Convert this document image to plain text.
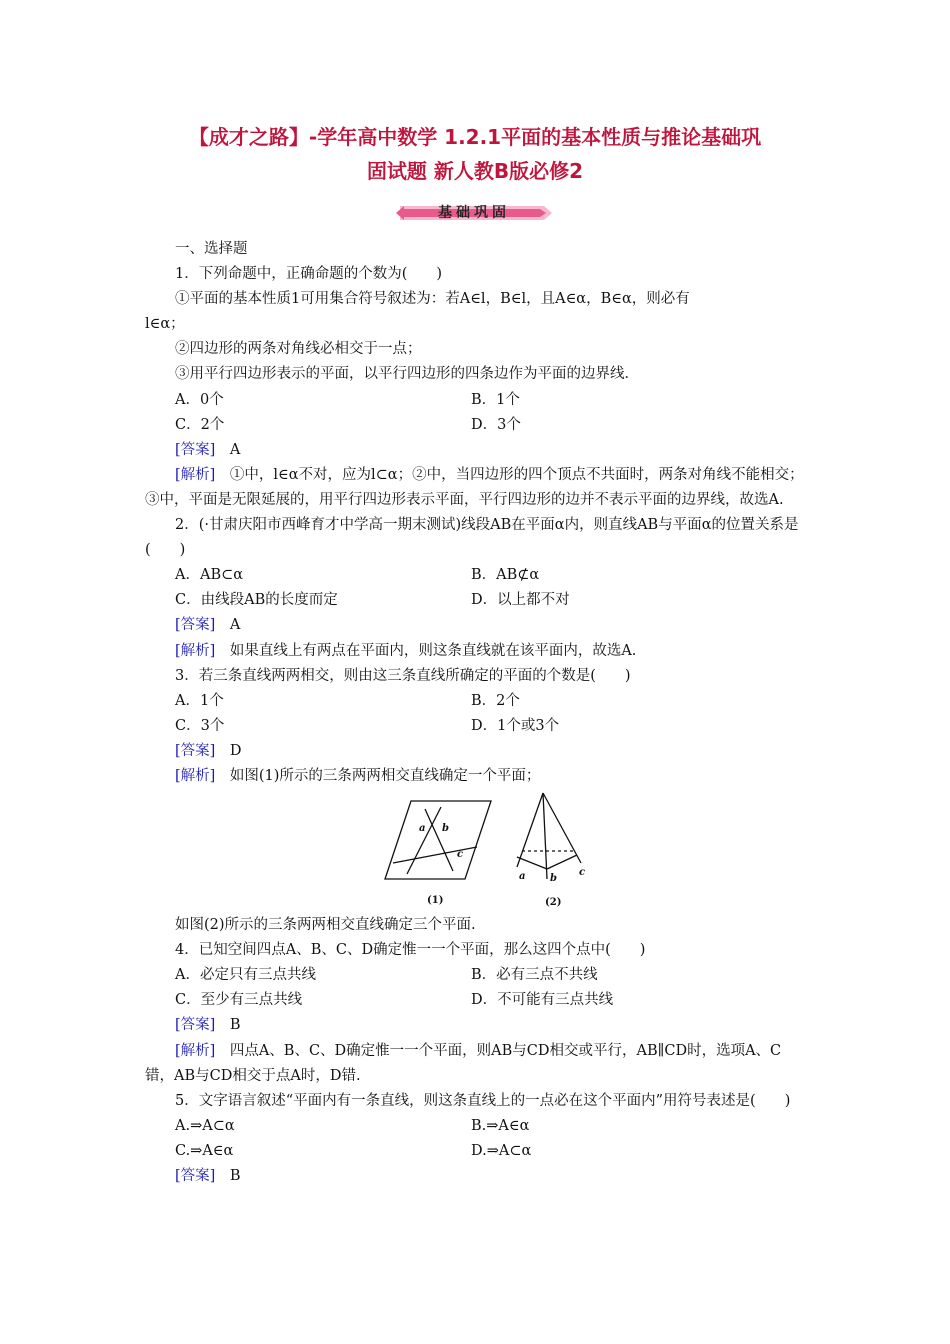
【成才之路】-学年高中数学 1.2.1平面的基本性质与推论基础巩
固试题 新人教B版必修2
基础巩固
一、选择题
1．下列命题中，正确命题的个数为(　　)
①平面的基本性质1可用集合符号叙述为：若A∈l，B∈l，且A∈α，B∈α，则必有
l∈α；
②四边形的两条对角线必相交于一点；
③用平行四边形表示的平面，以平行四边形的四条边作为平面的边界线．
A．0个	B．1个
C．2个	D．3个
[答案]　 A
[解析]　 ①中，l∈α不对，应为l⊂α；②中，当四边形的四个顶点不共面时，两条对角线不能相交；③中，平面是无限延展的，用平行四边形表示平面，平行四边形的边并不表示平面的边界线，故选A.
2．(·甘肃庆阳市西峰育才中学高一期末测试)线段AB在平面α内，则直线AB与平面α的位置关系是(　　)
A．AB⊂α	B．AB⊄α
C．由线段AB的长度而定	D．以上都不对
[答案]　 A
[解析]　 如果直线上有两点在平面内，则这条直线就在该平面内，故选A.
3．若三条直线两两相交，则由这三条直线所确定的平面的个数是(　　)
A．1个	B．2个
C．3个	D．1个或3个
[答案]　 D
[解析]　 如图(1)所示的三条两两相交直线确定一个平面；
a b
c
a b
c
(1)	(2)
如图(2)所示的三条两两相交直线确定三个平面.
4．已知空间四点A、B、C、D确定惟一一个平面，那么这四个点中(　　)
A．必定只有三点共线	B．必有三点不共线
C．至少有三点共线	D．不可能有三点共线
[答案]　 B
[解析]　 四点A、B、C、D确定惟一一个平面，则AB与CD相交或平行，AB∥CD时，选项A、C错，AB与CD相交于点A时，D错.
5．文字语言叙述“平面内有一条直线，则这条直线上的一点必在这个平面内”用符号表述是(　　)
A.⇒A⊂α	B.⇒A∈α
C.⇒A∈α	D.⇒A⊂α
[答案]　 B
